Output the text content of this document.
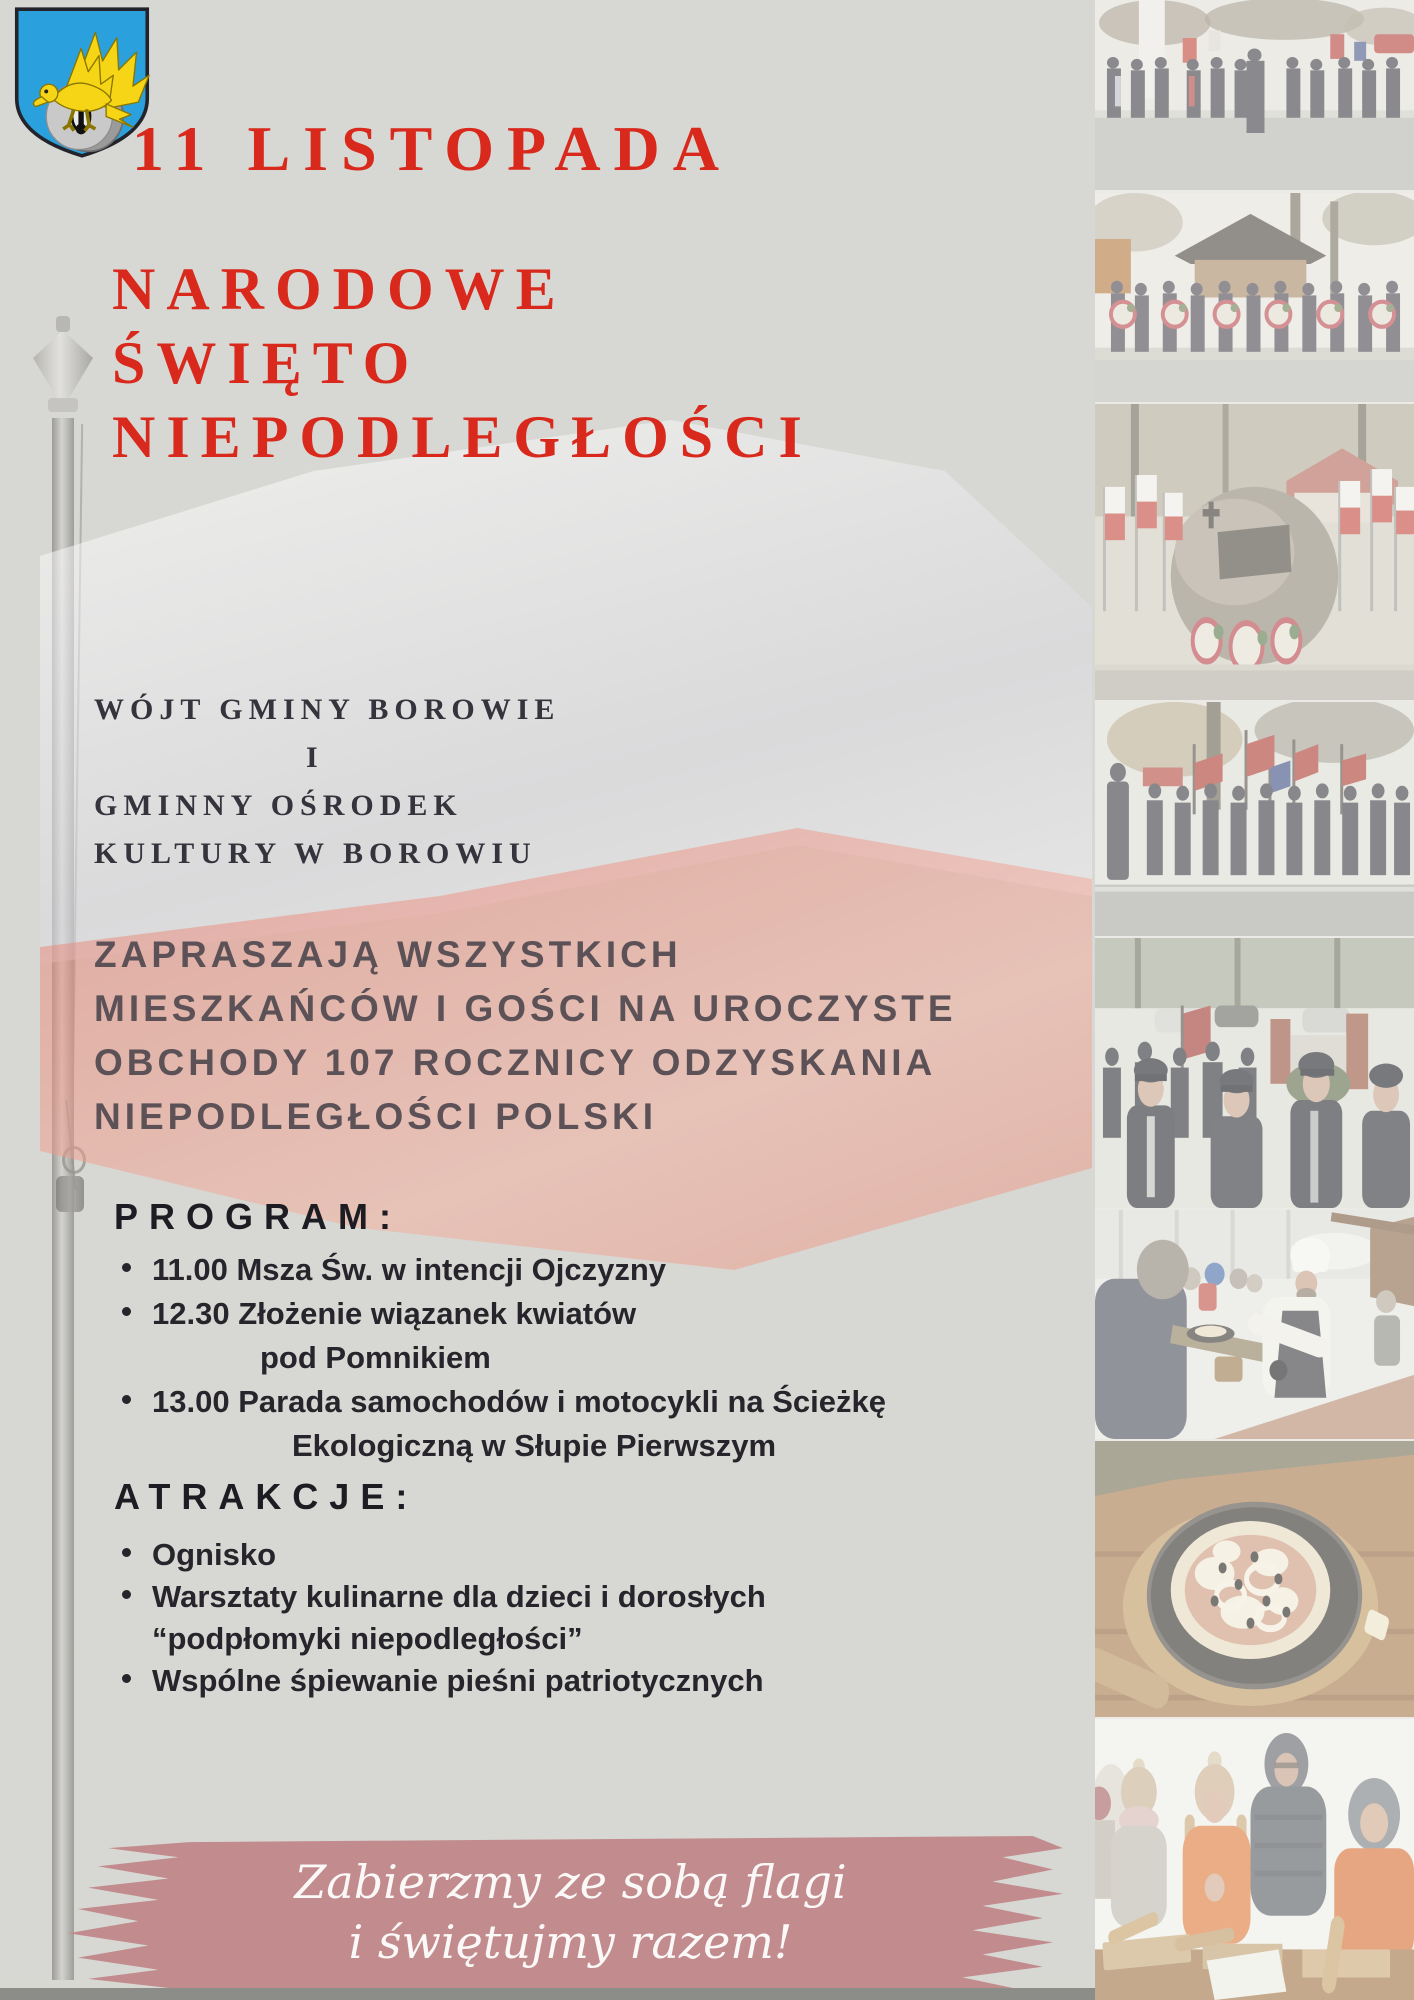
11 LISTOPADA
NARODOWE
ŚWIĘTO
NIEPODLEGŁOŚCI
WÓJT GMINY BOROWIE
I
GMINNY OŚRODEK
KULTURY W BOROWIU
ZAPRASZAJĄ WSZYSTKICH
MIESZKAŃCÓW I GOŚCI NA UROCZYSTE
OBCHODY 107 ROCZNICY ODZYSKANIA
NIEPODLEGŁOŚCI POLSKI
PROGRAM:
11.00 Msza Św. w intencji Ojczyzny
12.30 Złożenie wiązanek kwiatów
pod Pomnikiem
13.00 Parada samochodów i motocykli na Ścieżkę
Ekologiczną w Słupie Pierwszym
ATRAKCJE:
Ognisko
Warsztaty kulinarne dla dzieci i dorosłych
“podpłomyki niepodległości”
Wspólne śpiewanie pieśni patriotycznych
Zabierzmy ze sobą flagi
i świętujmy razem!
